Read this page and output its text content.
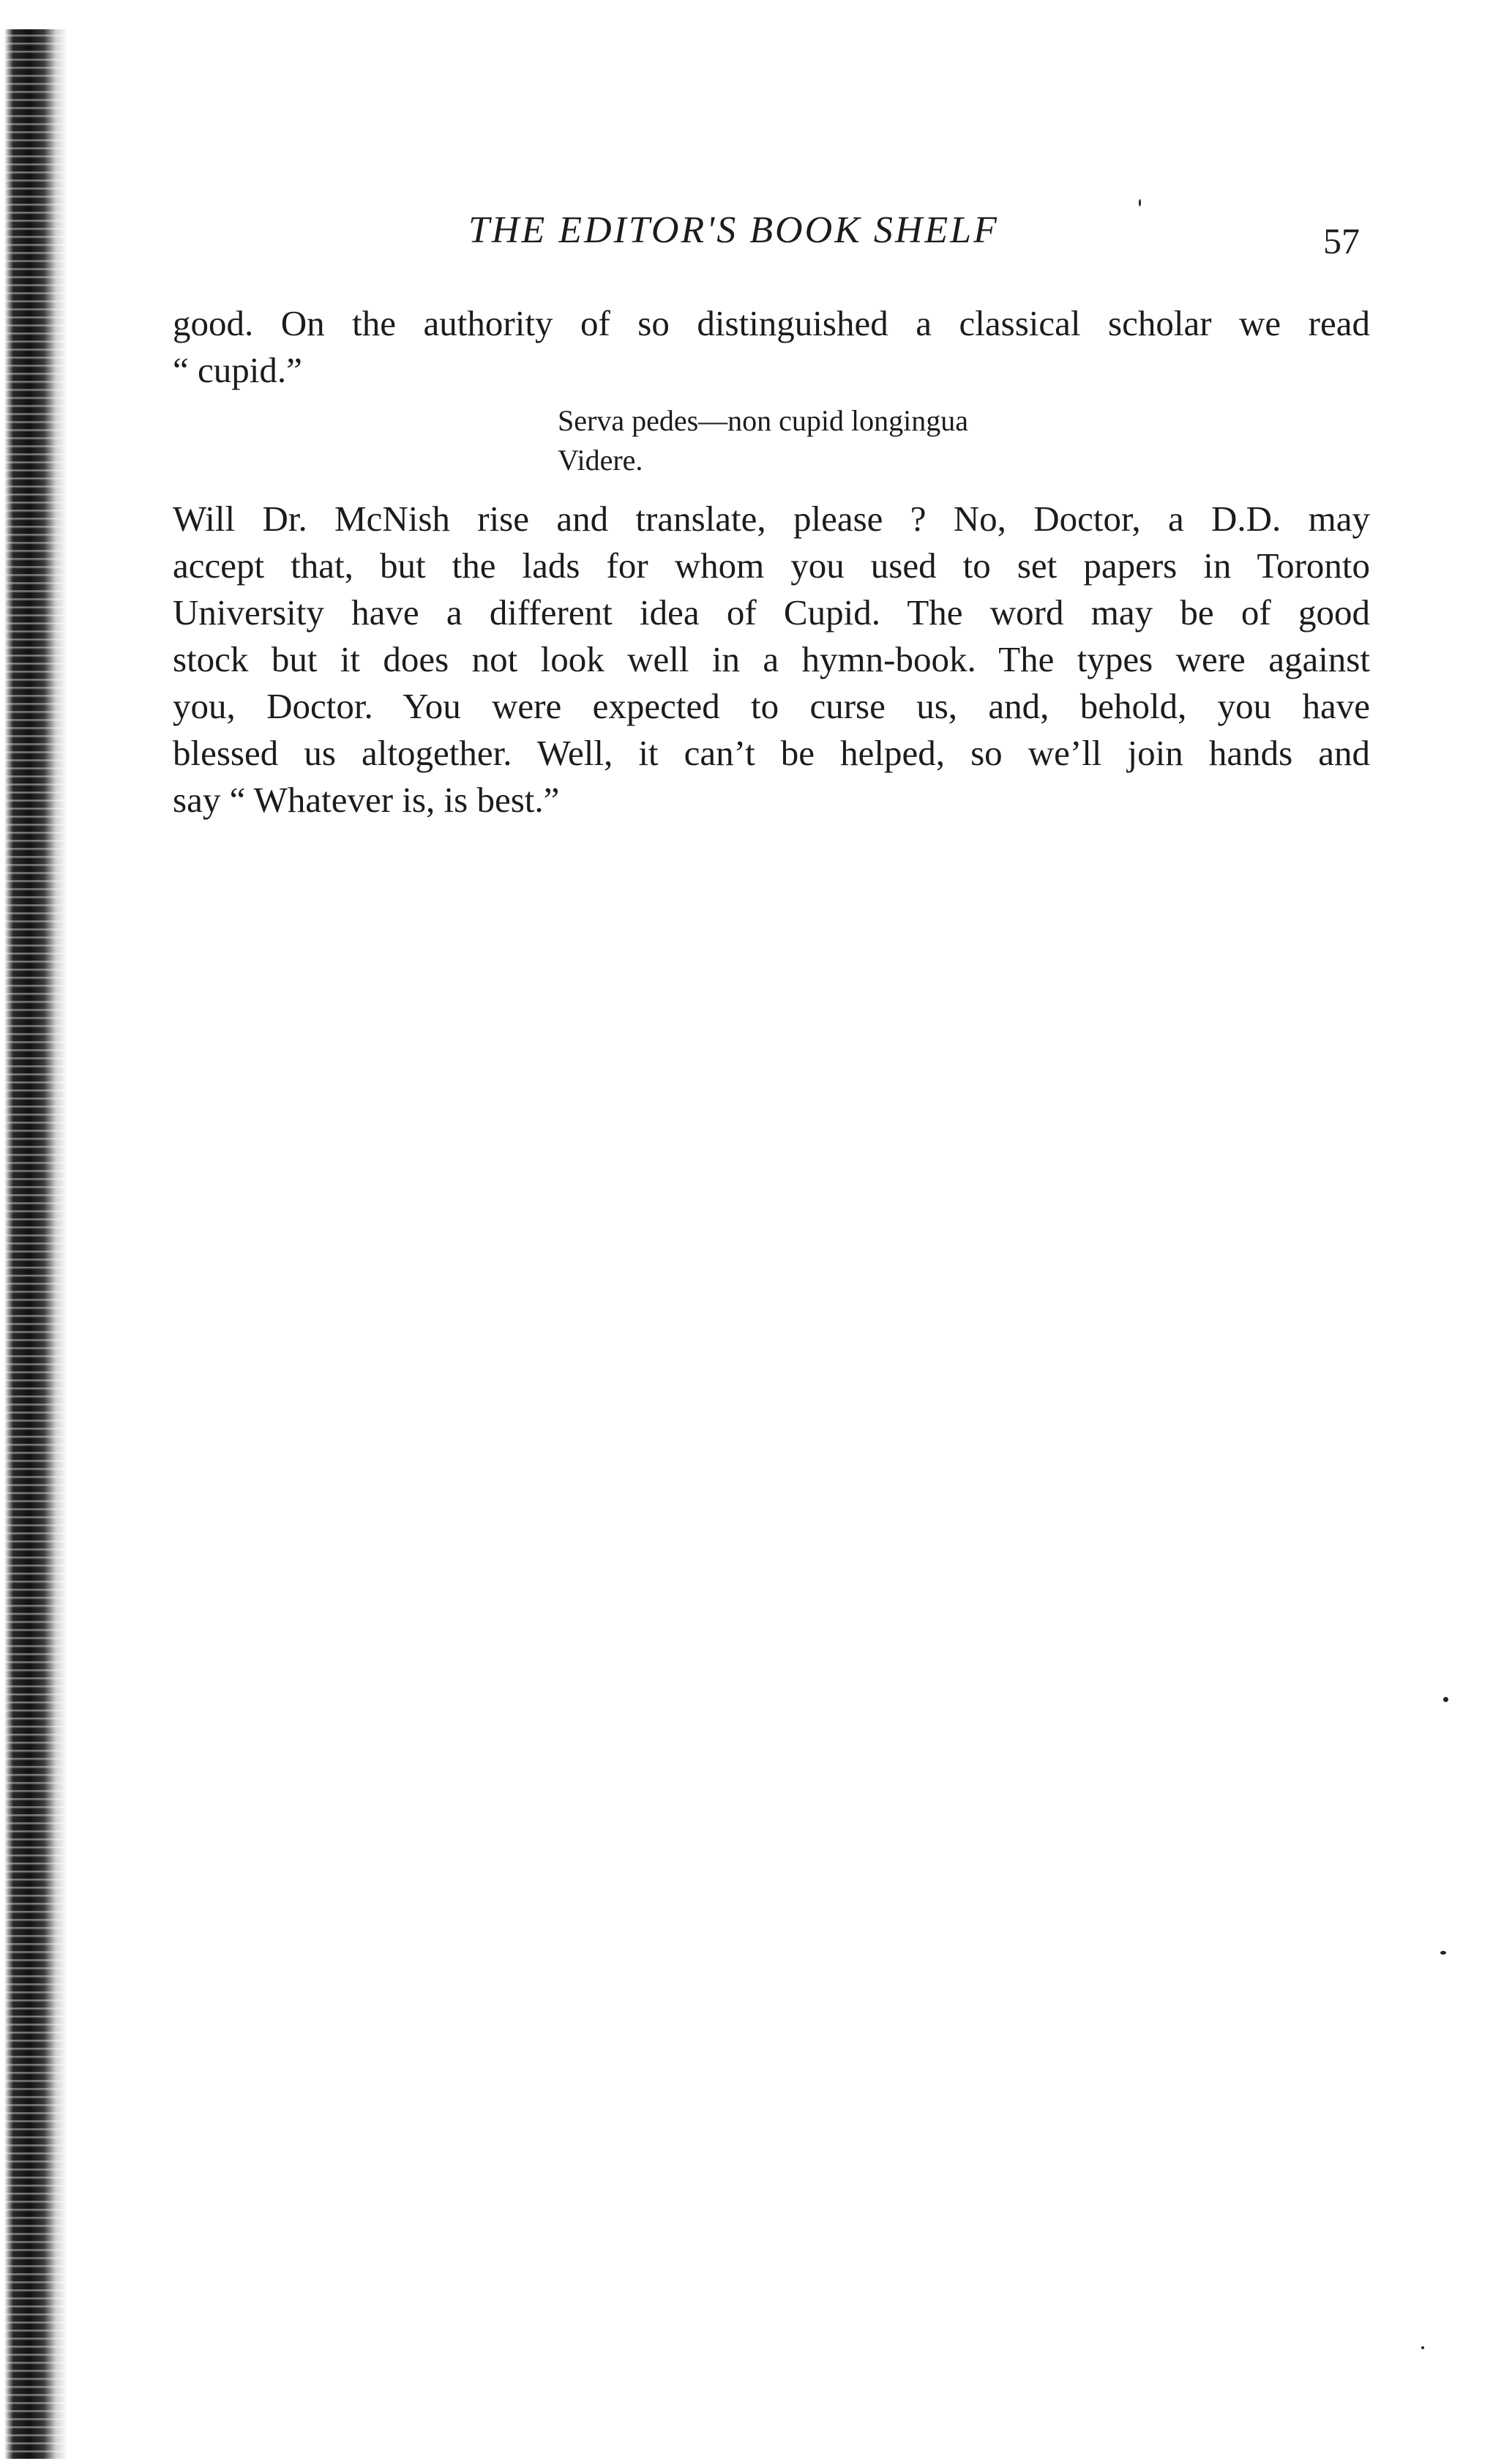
THE EDITOR'S BOOK SHELF	57
good. On the authority of so distinguished a classical scholar we read
“ cupid.”
Serva pedes—non cupid longingua
Videre.
Will Dr. McNish rise and translate, please ? No, Doctor, a D.D. may
accept that, but the lads for whom you used to set papers in Toronto
University have a different idea of Cupid. The word may be of good
stock but it does not look well in a hymn-book. The types were against
you, Doctor. You were expected to curse us, and, behold, you have
blessed us altogether. Well, it can’t be helped, so we’ll join hands and
say “ Whatever is, is best.”
